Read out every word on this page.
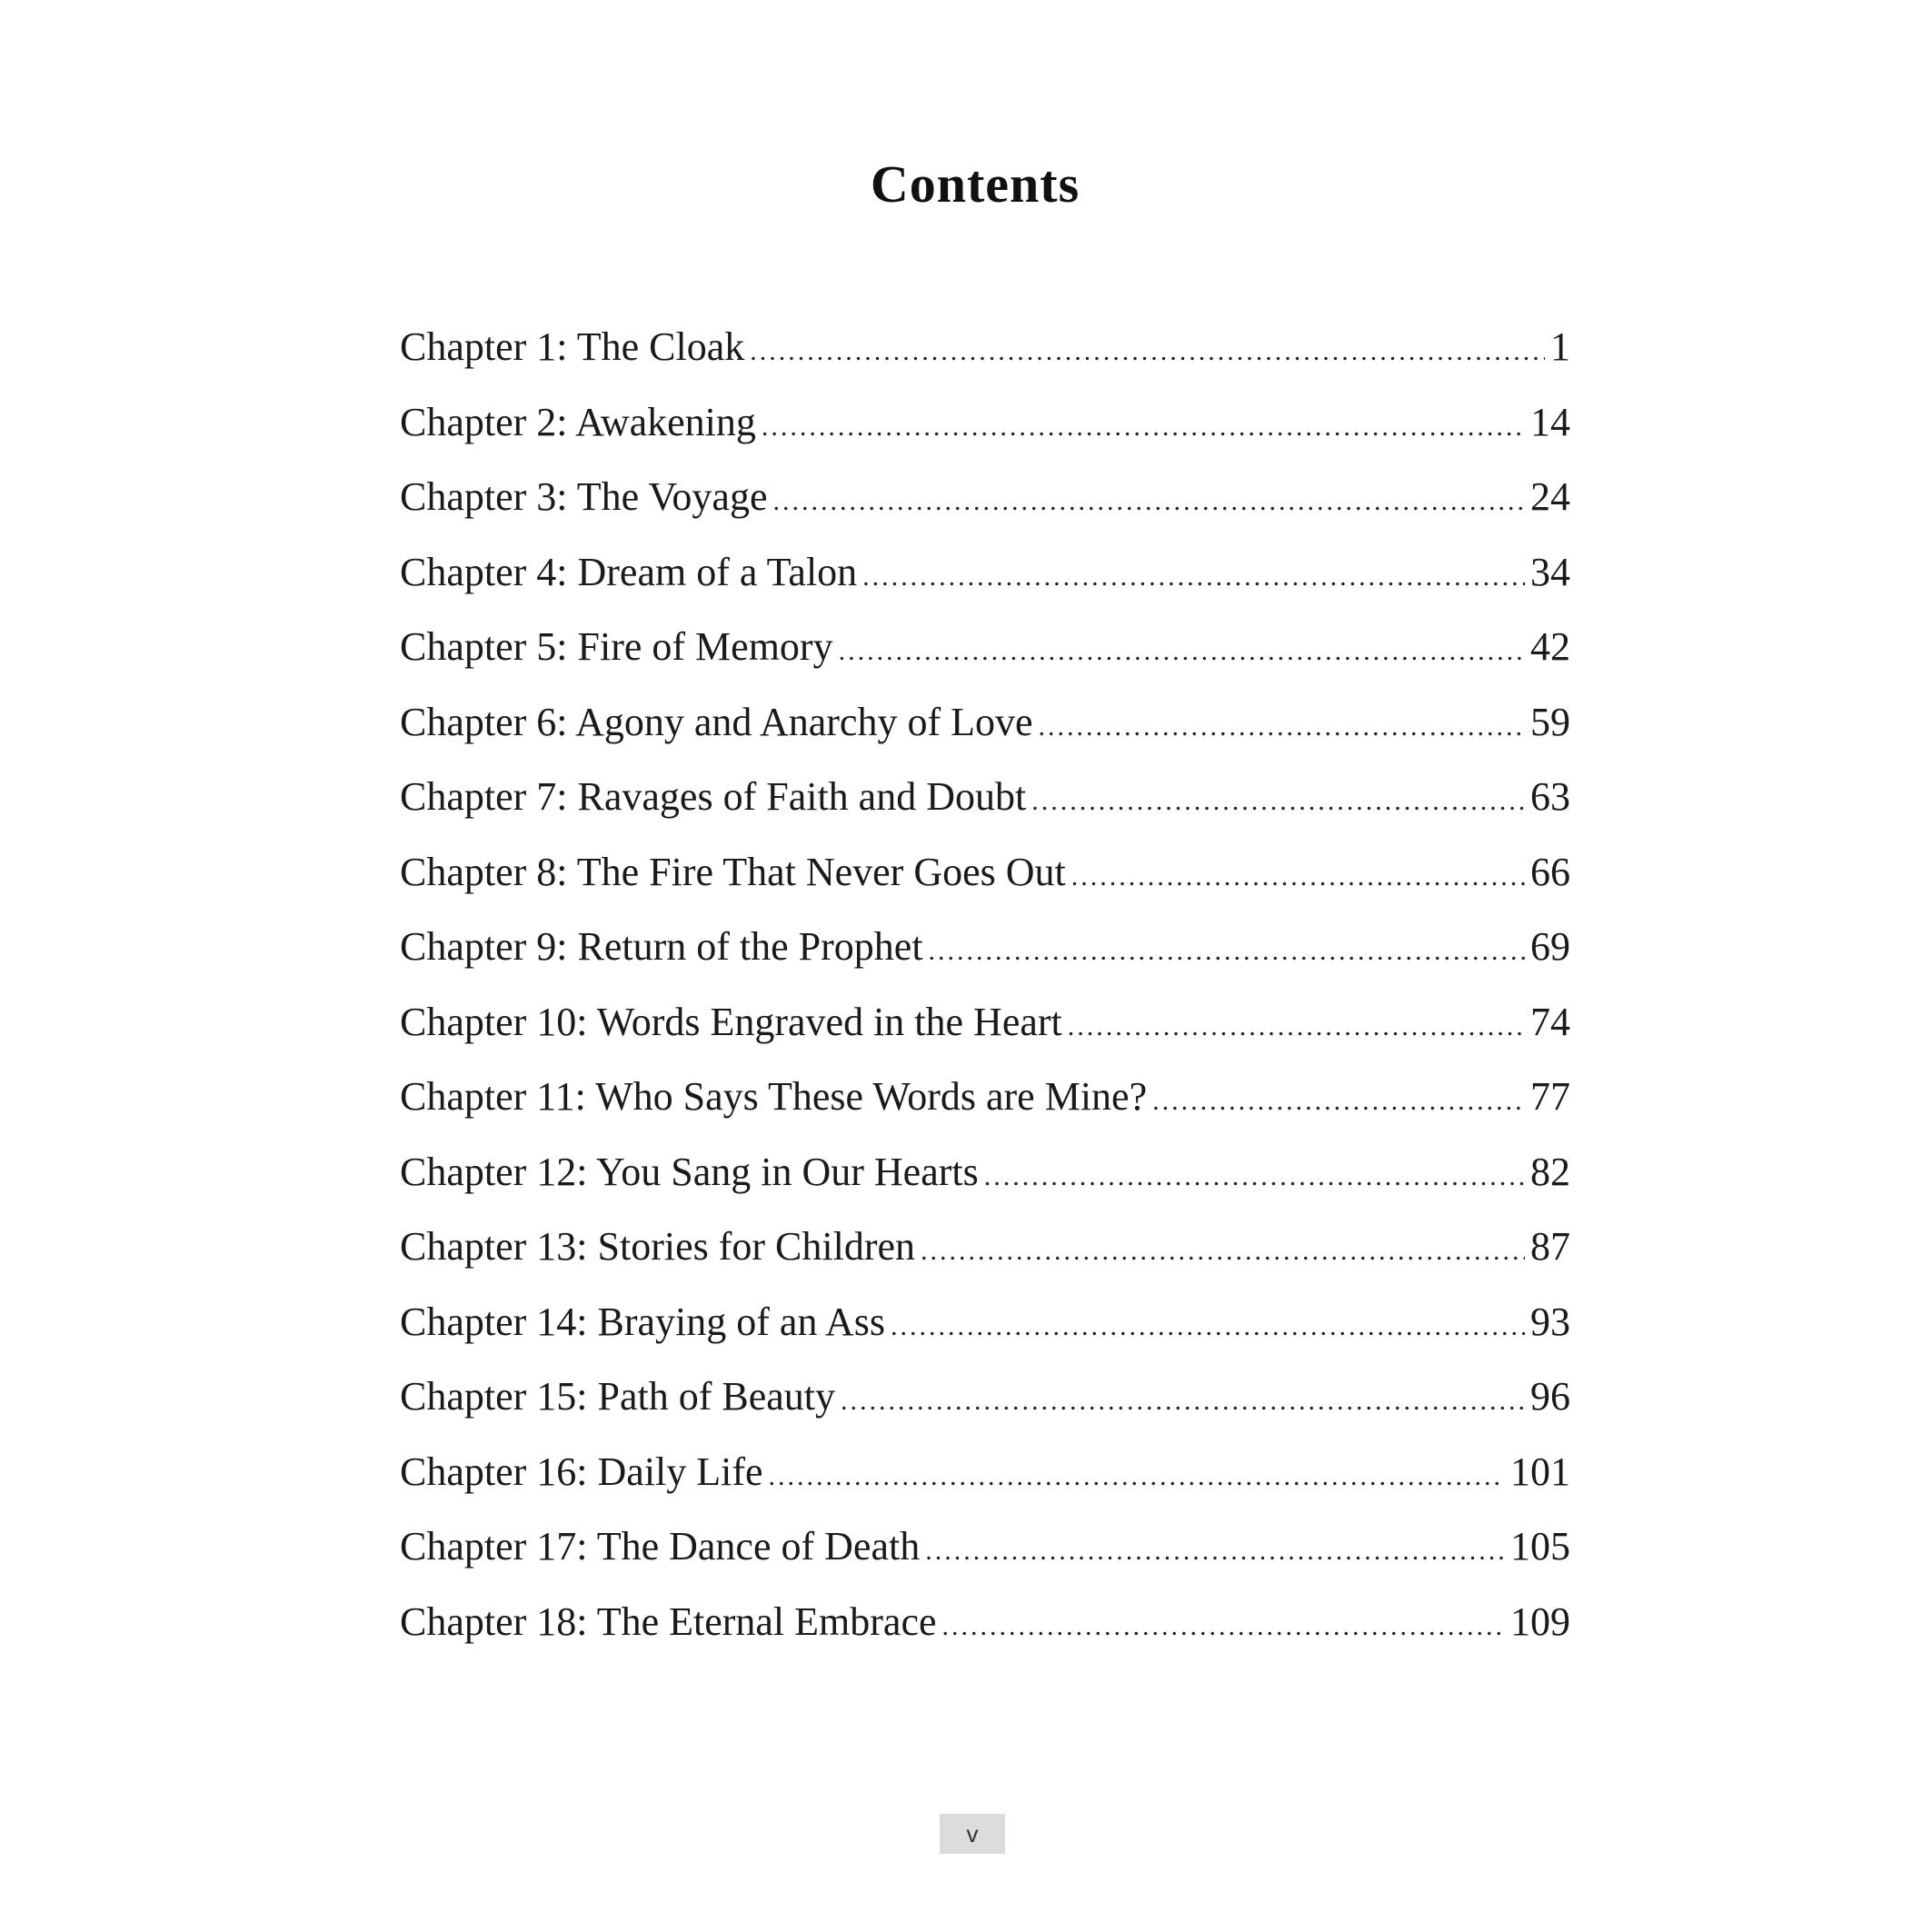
Contents
Chapter 1: The Cloak .....	1
Chapter 2: Awakening .....	14
Chapter 3: The Voyage .....	24
Chapter 4: Dream of a Talon .....	34
Chapter 5: Fire of Memory .....	42
Chapter 6: Agony and Anarchy of Love .....	59
Chapter 7: Ravages of Faith and Doubt .....	63
Chapter 8: The Fire That Never Goes Out .....	66
Chapter 9: Return of the Prophet .....	69
Chapter 10: Words Engraved in the Heart .....	74
Chapter 11: Who Says These Words are Mine? .....	77
Chapter 12: You Sang in Our Hearts .....	82
Chapter 13: Stories for Children .....	87
Chapter 14: Braying of an Ass .....	93
Chapter 15: Path of Beauty .....	96
Chapter 16: Daily Life .....	101
Chapter 17: The Dance of Death .....	105
Chapter 18: The Eternal Embrace .....	109
v
